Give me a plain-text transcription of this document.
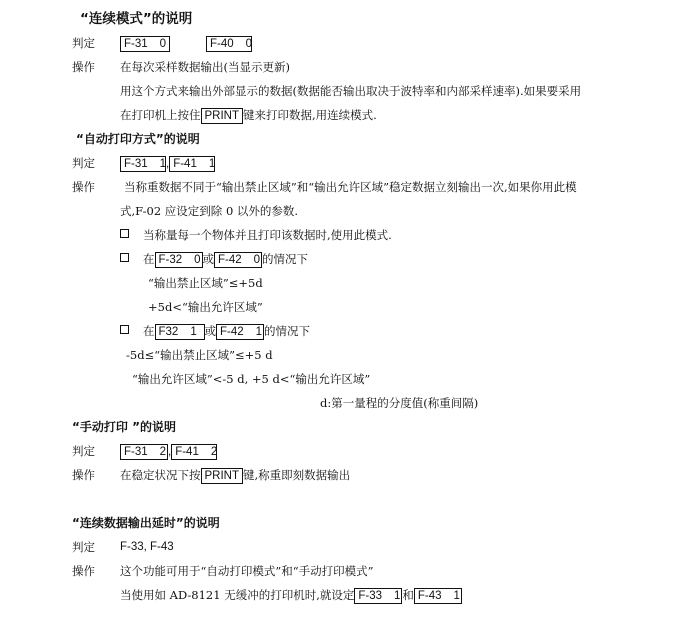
“连续模式”的说明
判定	F-31 0	F-40 0
操作 在每次采样数据输出(当显示更新)
用这个方式来输出外部显示的数据(数据能否输出取决于波特率和内部采样速率).如果要采用
在打印机上按住 PRINT 键来打印数据,用连续模式.
“自动打印方式”的说明
判定	F-31 1, F-41 1
操作	当称重数据不同于“输出禁止区域”和“输出允许区域”稳定数据立刻输出一次,如果你用此模
式,F-02 应设定到除 0 以外的参数.
当称量每一个物体并且打印该数据时,使用此模式.
在 F-32 0 或 F-42 0 的情况下
“输出禁止区域”≤+5d
+5d<“输出允许区域”
在 F32 1 或 F-42 1 的情况下
-5d≤“输出禁止区域”≤+5 d
“输出允许区域”<-5 d, +5 d<“输出允许区域”
d:第一量程的分度值(称重间隔)
“手动打印 ”的说明
判定	F-31 2 , F-41 2
操作 在稳定状况下按 PRINT 键,称重即刻数据输出
“连续数据输出延时”的说明
判定 F-33, F-43
操作 这个功能可用于“自动打印模式”和“手动打印模式”
当使用如 AD-8121 无缓冲的打印机时,就设定 F-33 1 和 F-43 1
